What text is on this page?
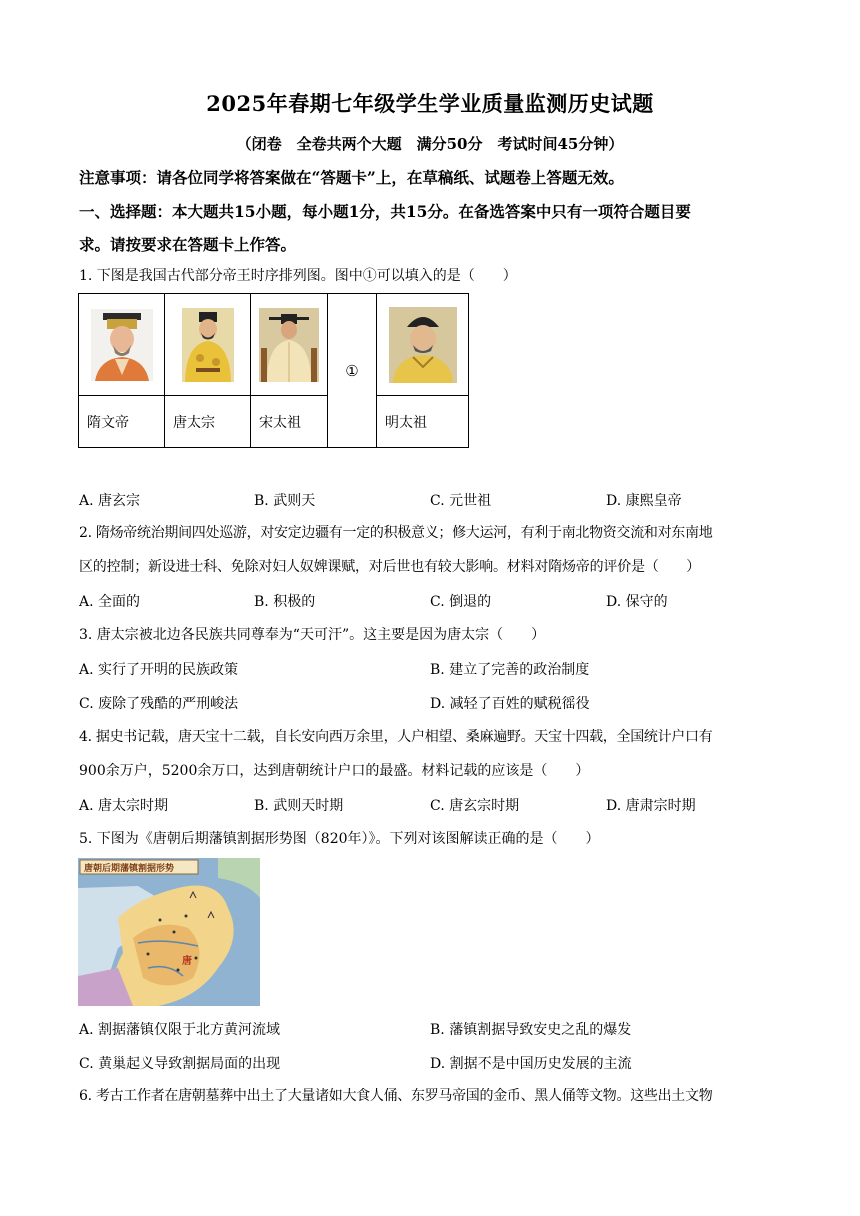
2025年春期七年级学生学业质量监测历史试题
（闭卷　全卷共两个大题　满分50分　考试时间45分钟）
注意事项：请各位同学将答案做在“答题卡”上，在草稿纸、试题卷上答题无效。
一、选择题：本大题共15小题，每小题1分，共15分。在备选答案中只有一项符合题目要
求。请按要求在答题卡上作答。
1. 下图是我国古代部分帝王时序排列图。图中①可以填入的是（　　）

	①	

隋文帝	唐太宗	宋太祖		明太祖
A. 唐玄宗	B. 武则天	C. 元世祖	D. 康熙皇帝
2. 隋炀帝统治期间四处巡游，对安定边疆有一定的积极意义；修大运河，有利于南北物资交流和对东南地
区的控制；新设进士科、免除对妇人奴婢课赋，对后世也有较大影响。材料对隋炀帝的评价是（　　）
A. 全面的	B. 积极的	C. 倒退的	D. 保守的
3. 唐太宗被北边各民族共同尊奉为“天可汗”。这主要是因为唐太宗（　　）
A. 实行了开明的民族政策	B. 建立了完善的政治制度
C. 废除了残酷的严刑峻法	D. 减轻了百姓的赋税徭役
4. 据史书记载，唐天宝十二载，自长安向西万余里，人户相望、桑麻遍野。天宝十四载，全国统计户口有
900余万户，5200余万口，达到唐朝统计户口的最盛。材料记载的应该是（　　）
A. 唐太宗时期	B. 武则天时期	C. 唐玄宗时期	D. 唐肃宗时期
5. 下图为《唐朝后期藩镇割据形势图（820年）》。下列对该图解读正确的是（　　）
唐朝后期藩镇割据形势
唐
A. 割据藩镇仅限于北方黄河流域	B. 藩镇割据导致安史之乱的爆发
C. 黄巢起义导致割据局面的出现	D. 割据不是中国历史发展的主流
6. 考古工作者在唐朝墓葬中出土了大量诸如大食人俑、东罗马帝国的金币、黑人俑等文物。这些出土文物
